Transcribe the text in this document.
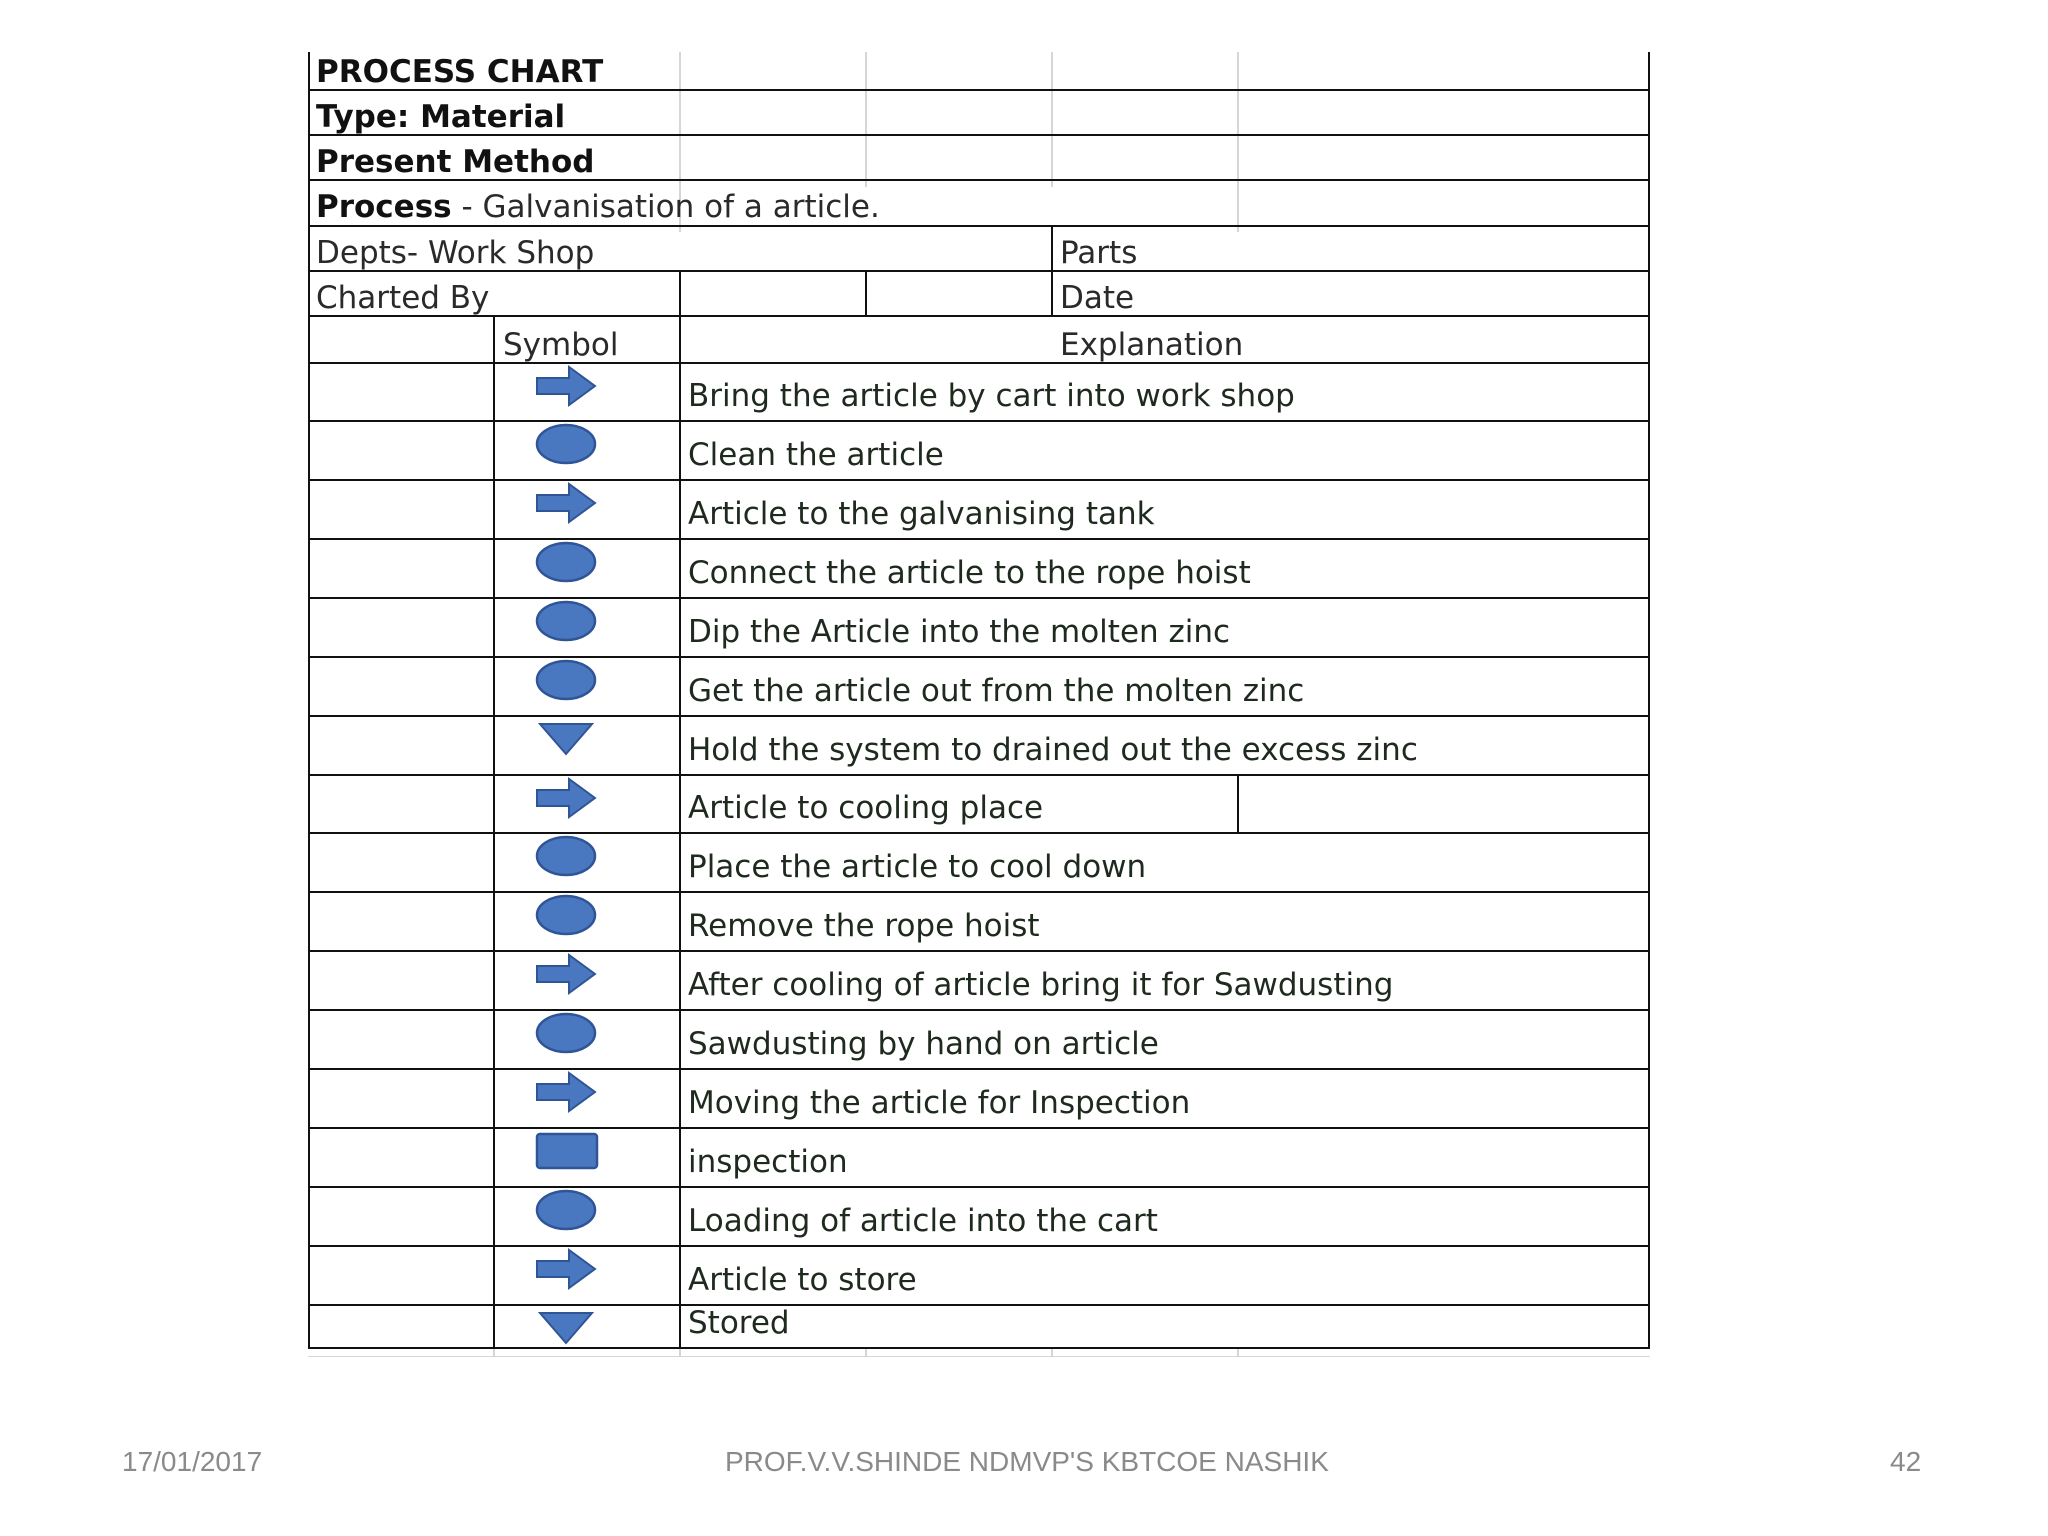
PROCESS CHART
Type: Material
Present Method
Process - Galvanisation of a article.
Depts- Work Shop	Parts
Charted By	Date
Symbol	Explanation
Bring the article by cart into work shop
Clean the article
Article to the galvanising tank
Connect the article to the rope hoist
Dip the Article into the molten zinc
Get the article out from the molten zinc
Hold the system to drained out the excess zinc
Article to cooling place
Place the article to cool down
Remove the rope hoist
After cooling of article bring it for Sawdusting
Sawdusting by hand on article
Moving the article for Inspection
inspection
Loading of article into the cart
Article to store
Stored
17/01/2017	PROF.V.V.SHINDE NDMVP'S KBTCOE NASHIK	42
